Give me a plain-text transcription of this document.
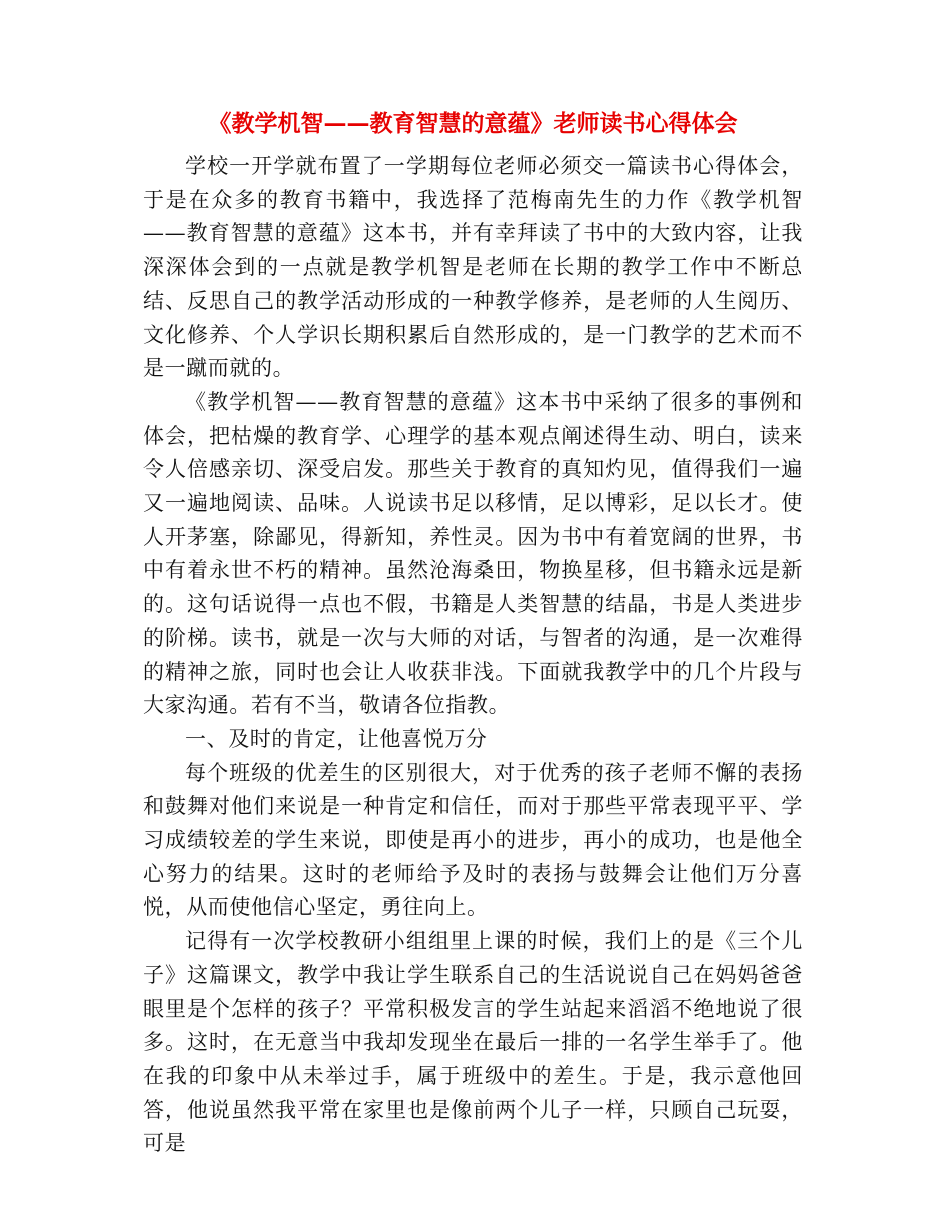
《教学机智——教育智慧的意蕴》老师读书心得体会

学校一开学就布置了一学期每位老师必须交一篇读书心得体会，于是在众多的教育书籍中，我选择了范梅南先生的力作《教学机智——教育智慧的意蕴》这本书，并有幸拜读了书中的大致内容，让我深深体会到的一点就是教学机智是老师在长期的教学工作中不断总结、反思自己的教学活动形成的一种教学修养，是老师的人生阅历、文化修养、个人学识长期积累后自然形成的，是一门教学的艺术而不是一蹴而就的。

《教学机智——教育智慧的意蕴》这本书中采纳了很多的事例和体会，把枯燥的教育学、心理学的基本观点阐述得生动、明白，读来令人倍感亲切、深受启发。那些关于教育的真知灼见，值得我们一遍又一遍地阅读、品味。人说读书足以移情，足以博彩，足以长才。使人开茅塞，除鄙见，得新知，养性灵。因为书中有着宽阔的世界，书中有着永世不朽的精神。虽然沧海桑田，物换星移，但书籍永远是新的。这句话说得一点也不假，书籍是人类智慧的结晶，书是人类进步的阶梯。读书，就是一次与大师的对话，与智者的沟通，是一次难得的精神之旅，同时也会让人收获非浅。下面就我教学中的几个片段与大家沟通。若有不当，敬请各位指教。

一、及时的肯定，让他喜悦万分

每个班级的优差生的区别很大，对于优秀的孩子老师不懈的表扬和鼓舞对他们来说是一种肯定和信任，而对于那些平常表现平平、学习成绩较差的学生来说，即使是再小的进步，再小的成功，也是他全心努力的结果。这时的老师给予及时的表扬与鼓舞会让他们万分喜悦，从而使他信心坚定，勇往向上。

记得有一次学校教研小组组里上课的时候，我们上的是《三个儿子》这篇课文，教学中我让学生联系自己的生活说说自己在妈妈爸爸眼里是个怎样的孩子？平常积极发言的学生站起来滔滔不绝地说了很多。这时，在无意当中我却发现坐在最后一排的一名学生举手了。他在我的印象中从未举过手，属于班级中的差生。于是，我示意他回答，他说虽然我平常在家里也是像前两个儿子一样，只顾自己玩耍，可是
